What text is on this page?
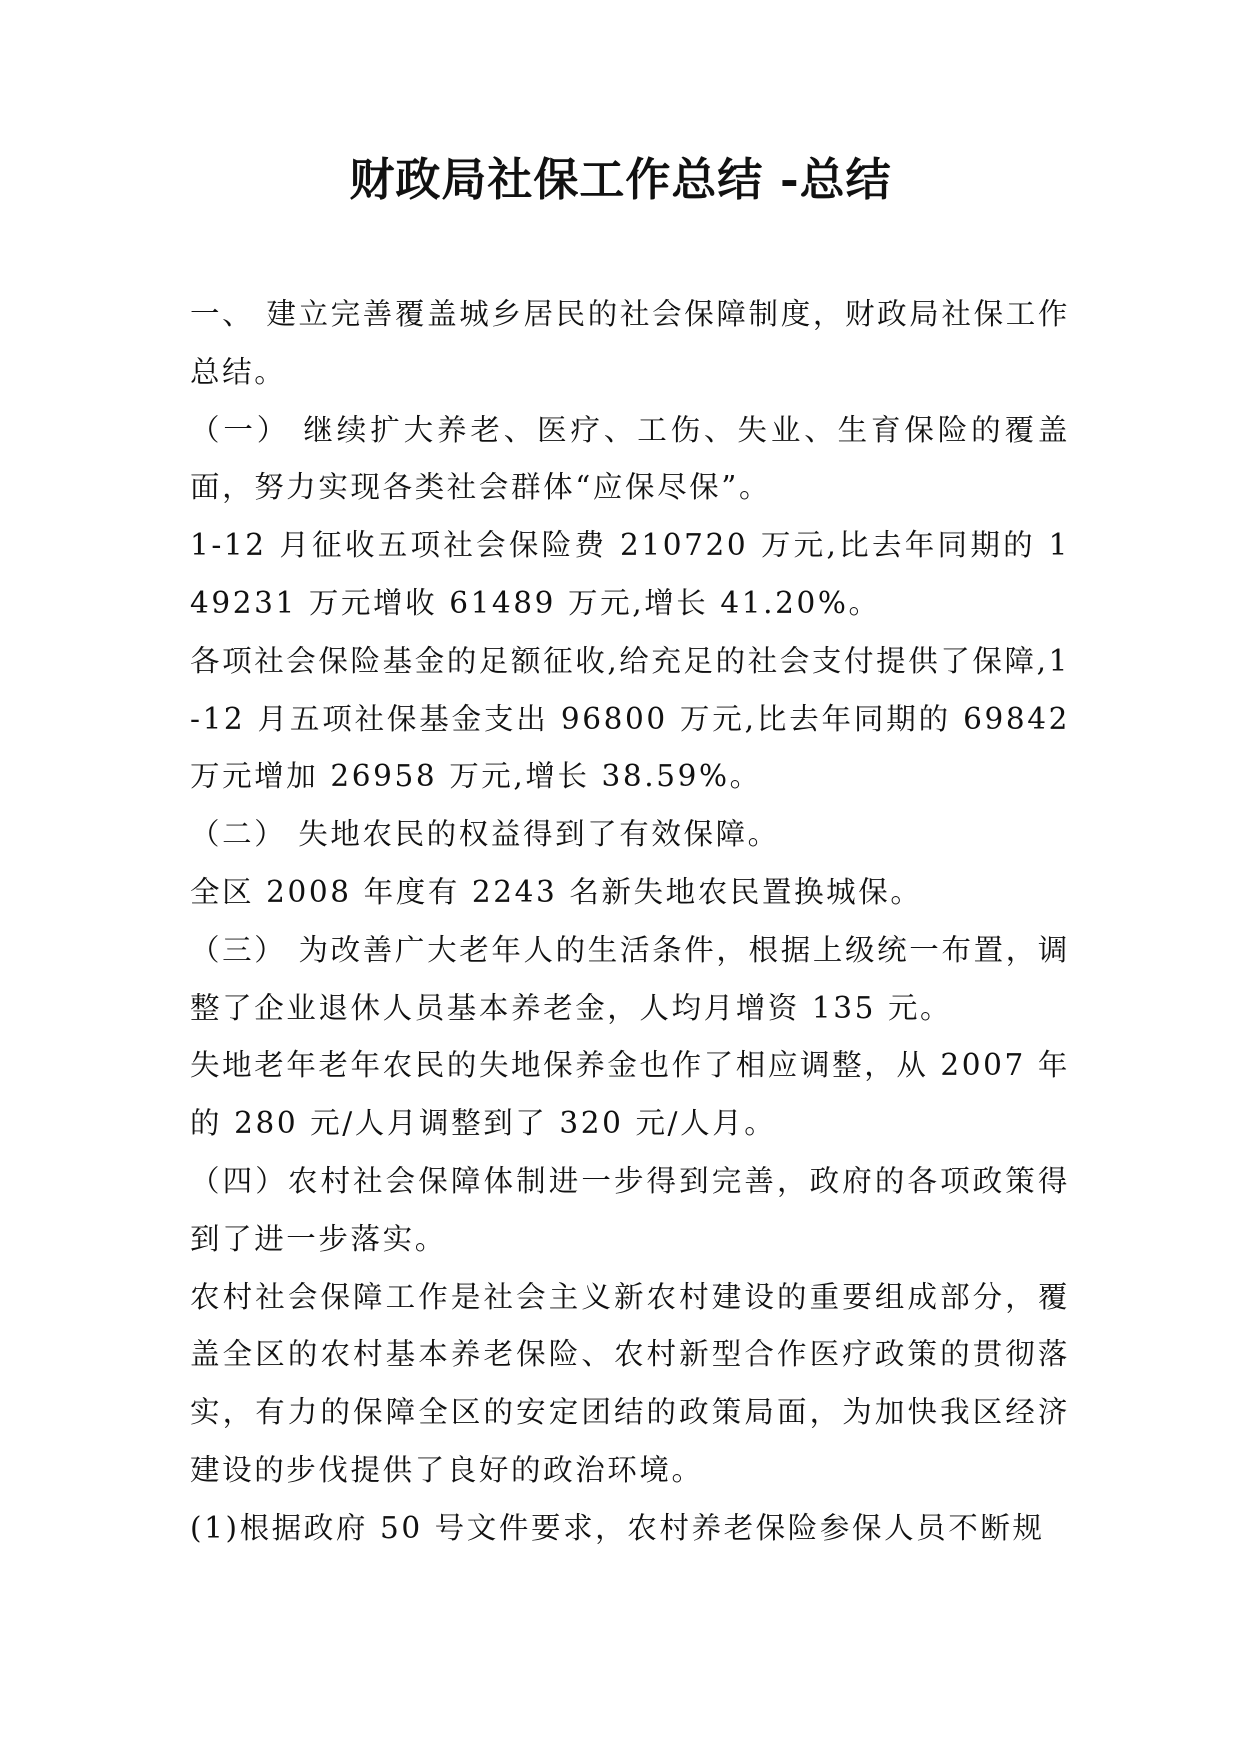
财政局社保工作总结 -总结

一、 建立完善覆盖城乡居民的社会保障制度，财政局社保工作总结。

（一） 继续扩大养老、医疗、工伤、失业、生育保险的覆盖面，努力实现各类社会群体“应保尽保”。

1-12 月征收五项社会保险费 210720 万元,比去年同期的 149231 万元增收 61489 万元,增长 41.20%。

各项社会保险基金的足额征收,给充足的社会支付提供了保障,1-12 月五项社保基金支出 96800 万元,比去年同期的 69842 万元增加 26958 万元,增长 38.59%。

（二） 失地农民的权益得到了有效保障。

全区 2008 年度有 2243 名新失地农民置换城保。

（三） 为改善广大老年人的生活条件，根据上级统一布置，调整了企业退休人员基本养老金，人均月增资 135 元。

失地老年老年农民的失地保养金也作了相应调整，从 2007 年的 280 元/人月调整到了 320 元/人月。

（四）农村社会保障体制进一步得到完善，政府的各项政策得到了进一步落实。

农村社会保障工作是社会主义新农村建设的重要组成部分，覆盖全区的农村基本养老保险、农村新型合作医疗政策的贯彻落实，有力的保障全区的安定团结的政策局面，为加快我区经济建设的步伐提供了良好的政治环境。

(1)根据政府 50 号文件要求，农村养老保险参保人员不断规
